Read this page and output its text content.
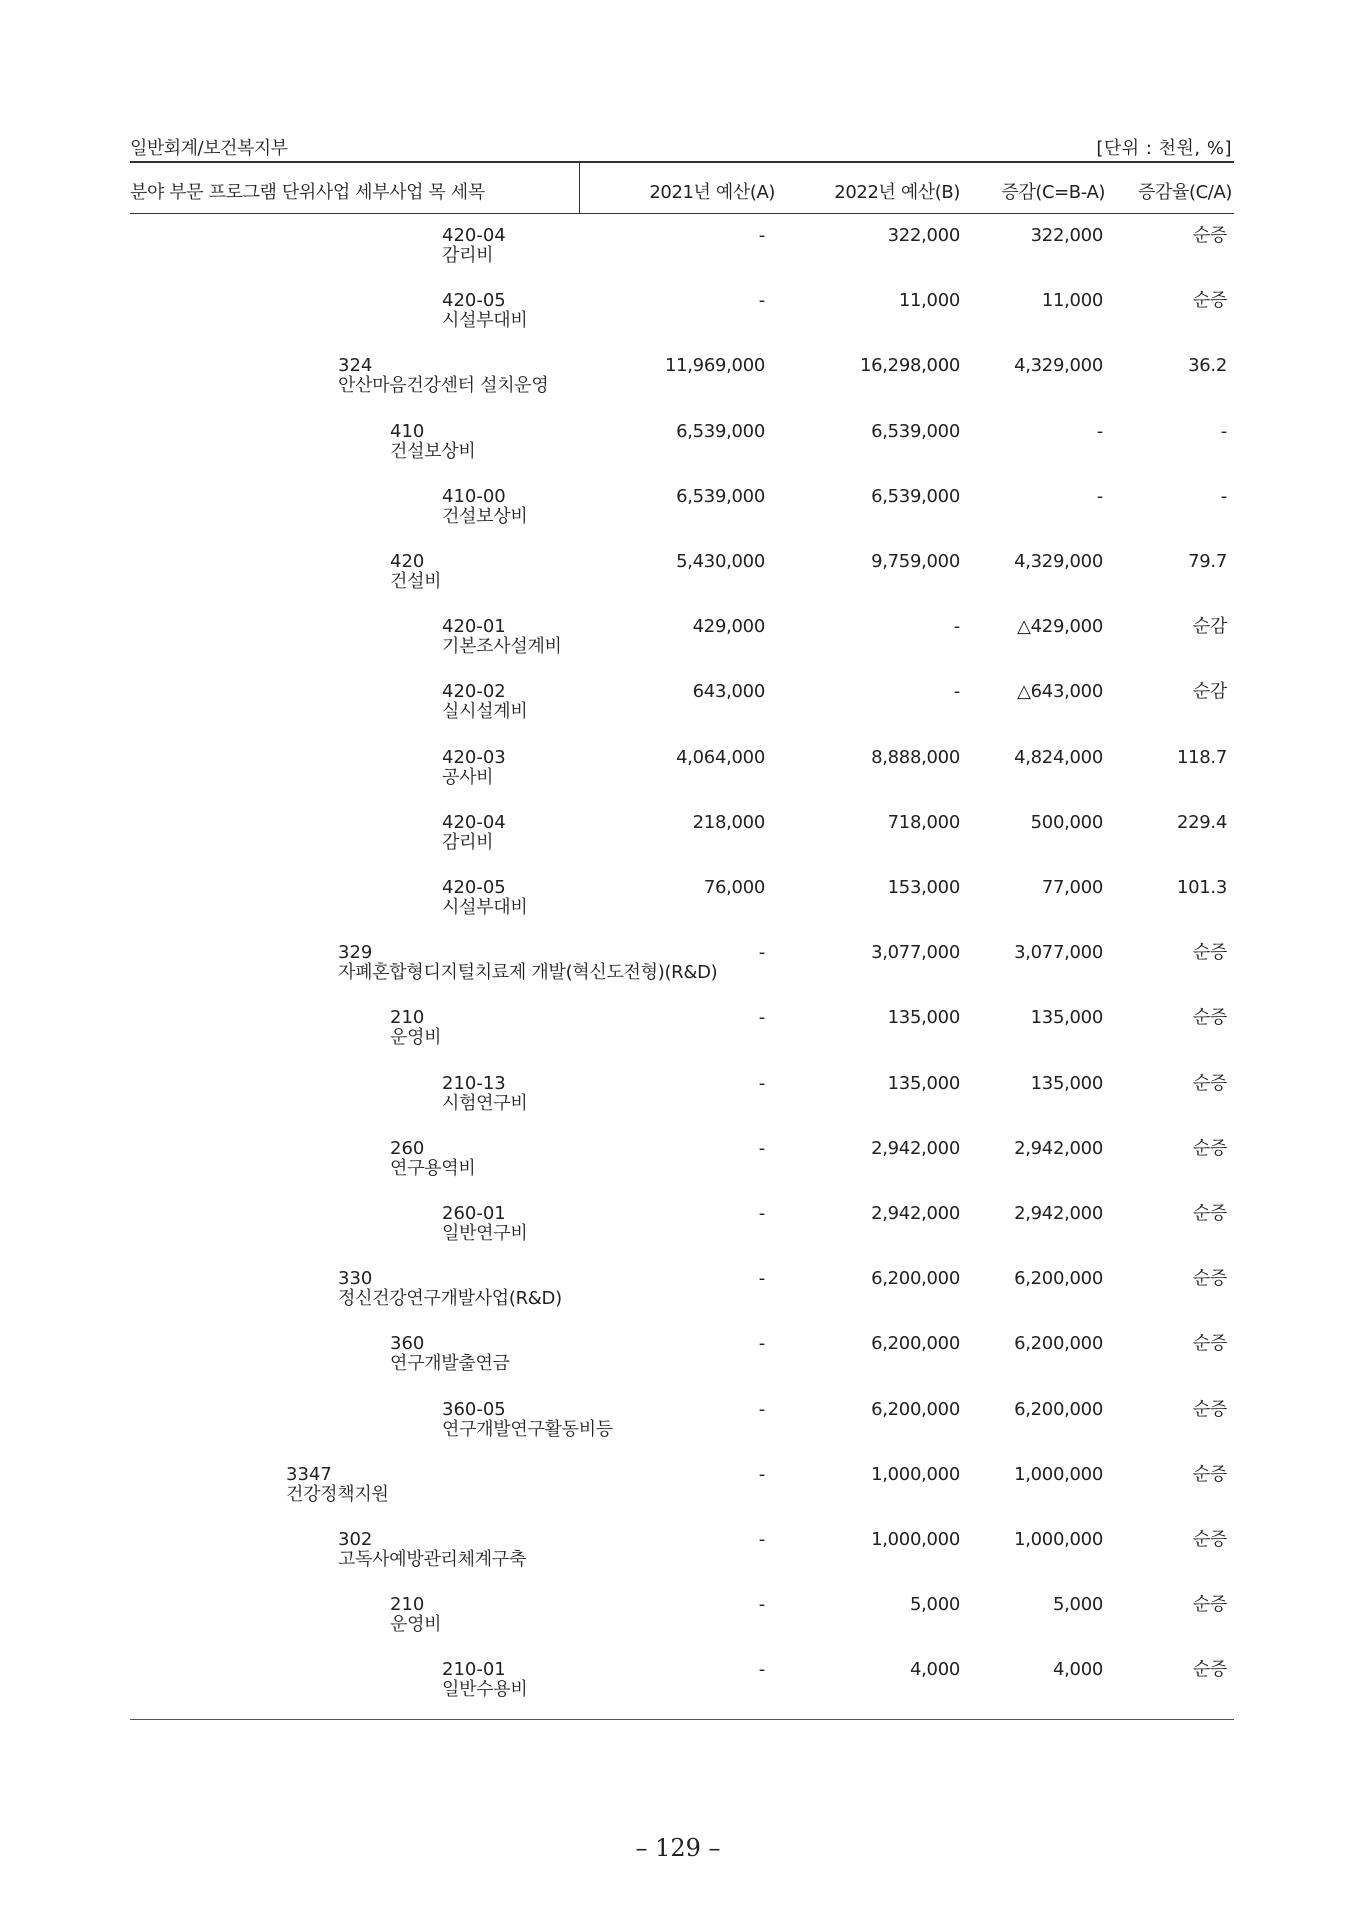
일반회계/보건복지부	[단위 : 천원, %]
분야 부문 프로그램 단위사업 세부사업 목 세목	2021년 예산(A)	2022년 예산(B)	증감(C=B-A)	증감율(C/A)
420-04
감리비
-	322,000	322,000	순증
420-05
시설부대비
-	11,000	11,000	순증
324
안산마음건강센터 설치운영
11,969,000	16,298,000	4,329,000	36.2
410
건설보상비
6,539,000	6,539,000	-	-
410-00
건설보상비
6,539,000	6,539,000	-	-
420
건설비
5,430,000	9,759,000	4,329,000	79.7
420-01
기본조사설계비
429,000	-	△429,000	순감
420-02
실시설계비
643,000	-	△643,000	순감
420-03
공사비
4,064,000	8,888,000	4,824,000	118.7
420-04
감리비
218,000	718,000	500,000	229.4
420-05
시설부대비
76,000	153,000	77,000	101.3
329
자폐혼합형디지털치료제 개발(혁신도전형)(R&D)
-	3,077,000	3,077,000	순증
210
운영비
-	135,000	135,000	순증
210-13
시험연구비
-	135,000	135,000	순증
260
연구용역비
-	2,942,000	2,942,000	순증
260-01
일반연구비
-	2,942,000	2,942,000	순증
330
정신건강연구개발사업(R&D)
-	6,200,000	6,200,000	순증
360
연구개발출연금
-	6,200,000	6,200,000	순증
360-05
연구개발연구활동비등
-	6,200,000	6,200,000	순증
3347
건강정책지원
-	1,000,000	1,000,000	순증
302
고독사예방관리체계구축
-	1,000,000	1,000,000	순증
210
운영비
-	5,000	5,000	순증
210-01
일반수용비
-	4,000	4,000	순증
– 129 –
